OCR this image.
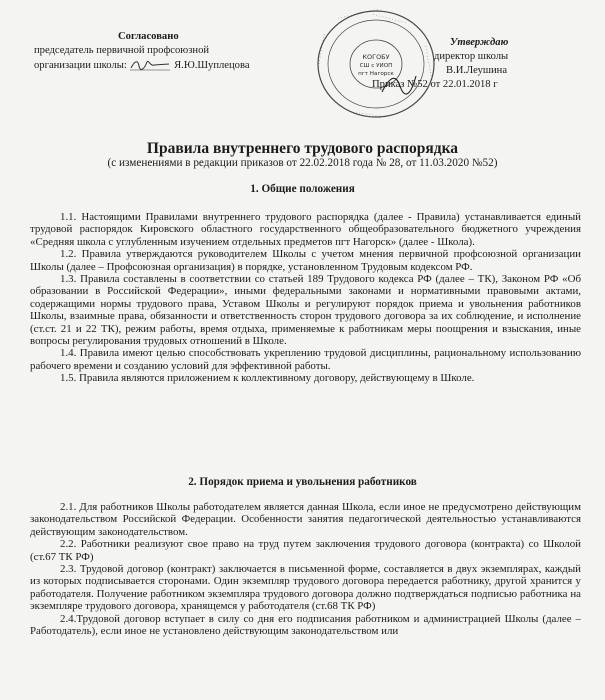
Согласовано
председатель первичной профсоюзной
организации школы:	Я.Ю.Шуплецова
· · · · · · · · · · · · ·
· · · · · · · · · · ·
· · · · · · · · · · ·	· · · · · · · · · · ·
· · · · · · · · · ·
КОГОБУ
СШ с УИОП
пгт Нагорск
Утверждаю
директор школы
В.И.Леушина
Приказ №52 от 22.01.2018 г
Правила внутреннего трудового распорядка
(с изменениями в редакции приказов от 22.02.2018 года № 28, от 11.03.2020 №52)
1. Общие положения

1.1. Настоящими Правилами внутреннего трудового распорядка (далее - Правила) устанавливается единый трудовой распорядок Кировского областного государственного общеобразовательного бюджетного учреждения «Средняя школа с углубленным изучением отдельных предметов пгт Нагорск» (далее - Школа).

1.2. Правила утверждаются руководителем Школы с учетом мнения первичной профсоюзной организации Школы (далее – Профсоюзная организация) в порядке, установленном Трудовым кодексом РФ.

1.3. Правила составлены в соответствии со статьей 189 Трудового кодекса РФ (далее – ТК), Законом РФ «Об образовании в Российской Федерации», иными федеральными законами и нормативными правовыми актами, содержащими нормы трудового права, Уставом Школы и регулируют порядок приема и увольнения работников Школы, взаимные права, обязанности и ответственность сторон трудового договора за их соблюдение, и исполнение (ст.ст. 21 и 22 ТК), режим работы, время отдыха, применяемые к работникам меры поощрения и взыскания, иные вопросы регулирования трудовых отношений в Школе.

1.4. Правила имеют целью способствовать укреплению трудовой дисциплины, рациональному использованию рабочего времени и созданию условий для эффективной работы.

1.5. Правила являются приложением к коллективному договору, действующему в Школе.

2. Порядок приема и увольнения работников

2.1. Для работников Школы работодателем является данная Школа, если иное не предусмотрено действующим законодательством Российской Федерации. Особенности занятия педагогической деятельностью устанавливаются действующим законодательством.

2.2. Работники реализуют свое право на труд путем заключения трудового договора (контракта) со Школой (ст.67 ТК РФ)

2.3. Трудовой договор (контракт) заключается в письменной форме, составляется в двух экземплярах, каждый из которых подписывается сторонами. Один экземпляр трудового договора передается работнику, другой хранится у работодателя. Получение работником экземпляра трудового договора должно подтверждаться подписью работника на экземпляре трудового договора, хранящемся у работодателя (ст.68 ТК РФ)

2.4.Трудовой договор вступает в силу со дня его подписания работником и администрацией Школы (далее – Работодатель), если иное не установлено действующим законодательством или
